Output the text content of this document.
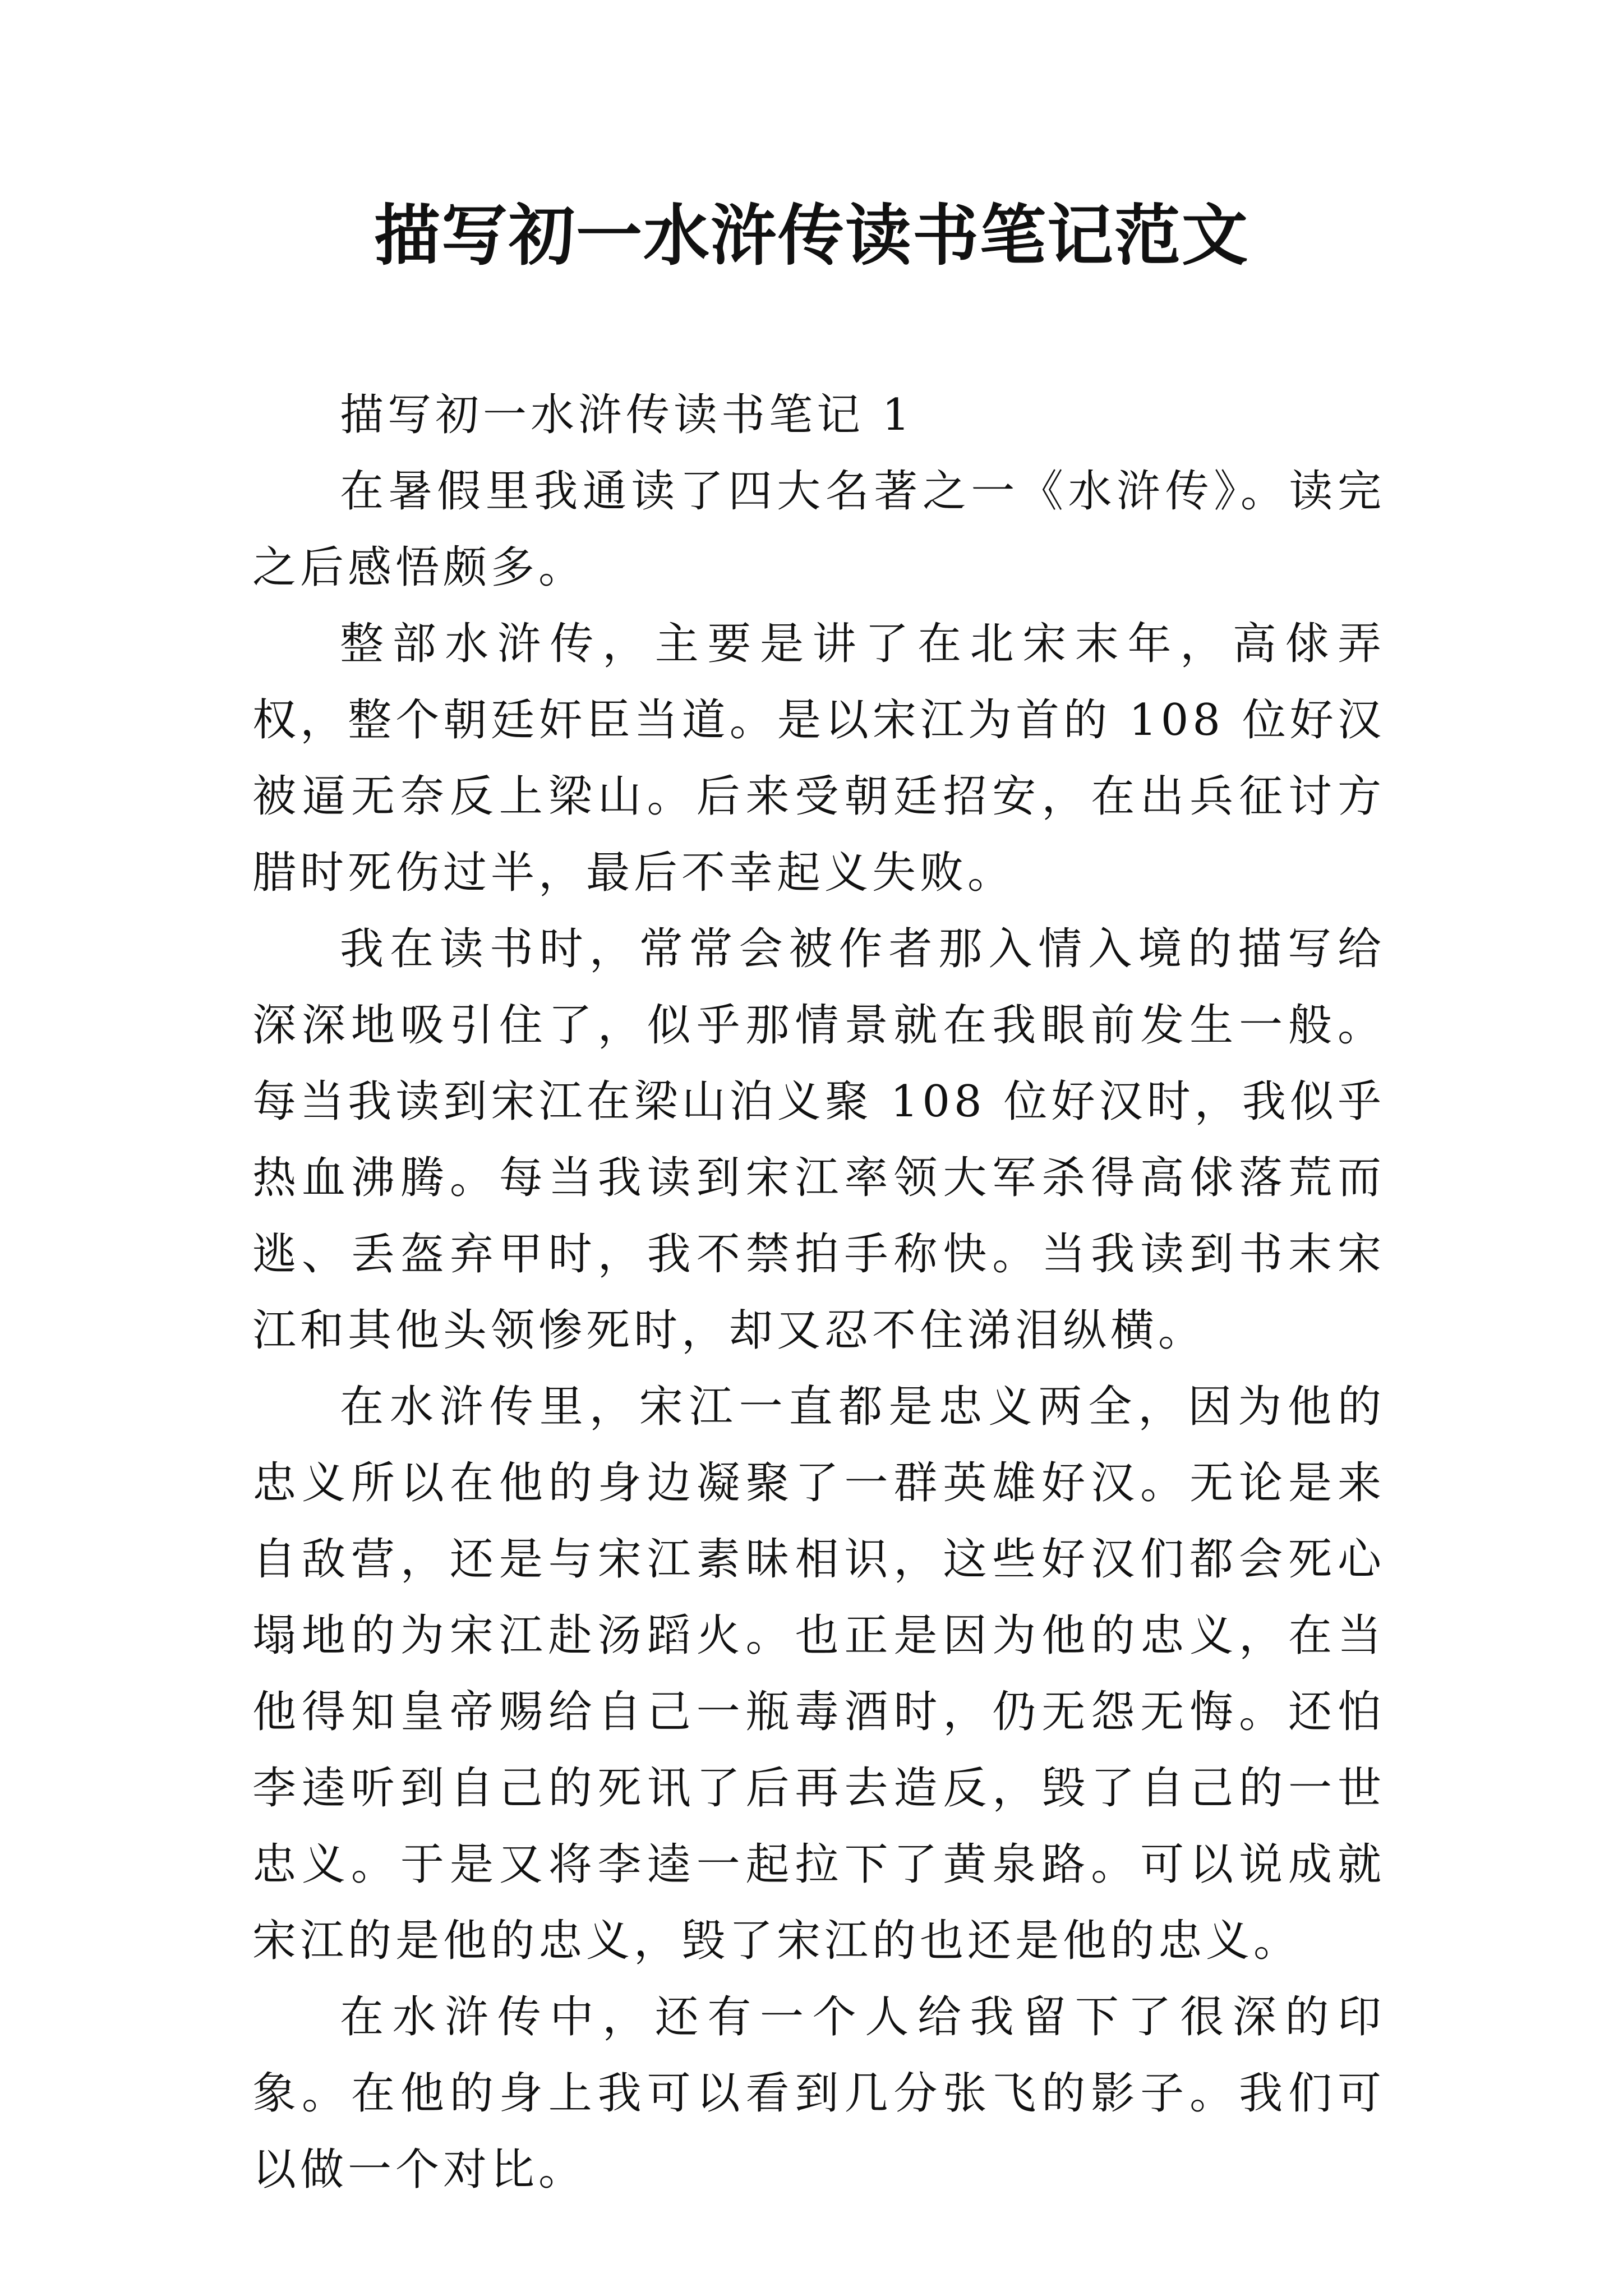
描写初一水浒传读书笔记范文

描写初一水浒传读书笔记 1

在暑假里我通读了四大名著之一《水浒传》。读完之后感悟颇多。

整部水浒传，主要是讲了在北宋末年，高俅弄权，整个朝廷奸臣当道。是以宋江为首的 108 位好汉被逼无奈反上梁山。后来受朝廷招安，在出兵征讨方腊时死伤过半，最后不幸起义失败。

我在读书时，常常会被作者那入情入境的描写给深深地吸引住了，似乎那情景就在我眼前发生一般。每当我读到宋江在梁山泊义聚 108 位好汉时，我似乎热血沸腾。每当我读到宋江率领大军杀得高俅落荒而逃、丢盔弃甲时，我不禁拍手称快。当我读到书末宋江和其他头领惨死时，却又忍不住涕泪纵横。

在水浒传里，宋江一直都是忠义两全，因为他的忠义所以在他的身边凝聚了一群英雄好汉。无论是来自敌营，还是与宋江素昧相识，这些好汉们都会死心塌地的为宋江赴汤蹈火。也正是因为他的忠义，在当他得知皇帝赐给自己一瓶毒酒时，仍无怨无悔。还怕李逵听到自己的死讯了后再去造反，毁了自己的一世忠义。于是又将李逵一起拉下了黄泉路。可以说成就宋江的是他的忠义，毁了宋江的也还是他的忠义。

在水浒传中，还有一个人给我留下了很深的印象。在他的身上我可以看到几分张飞的影子。我们可以做一个对比。
